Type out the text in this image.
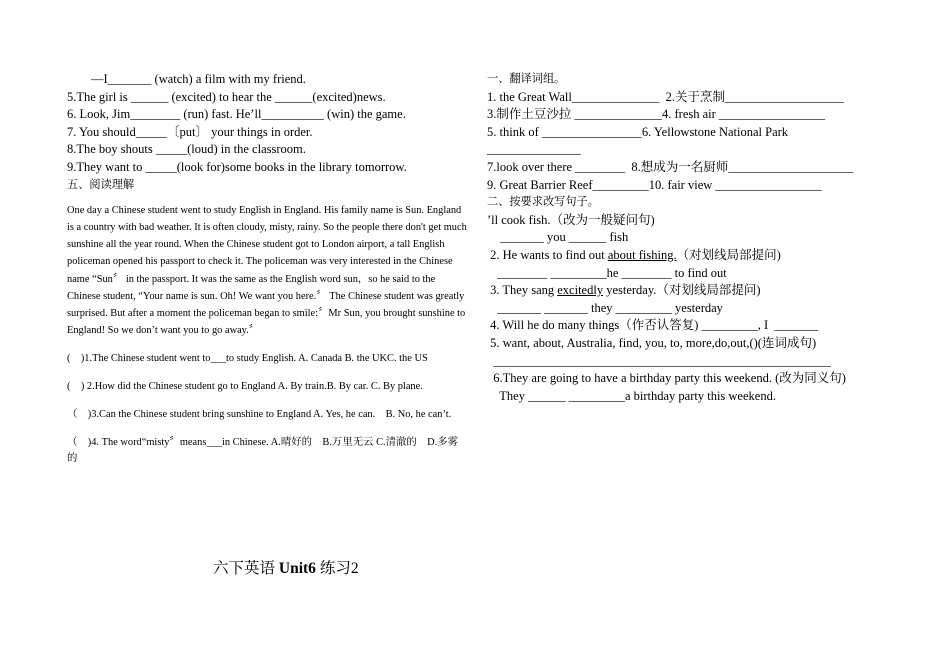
—I_______ (watch) a film with my friend.
5.The girl is ______ (excited) to hear the ______(excited)news.
6. Look, Jim________ (run) fast. He’ll__________ (win) the game.
7. You should_____〔put〕 your things in order.
8.The boy shouts _____(loud) in the classroom.
9.They want to _____(look for)some books in the library tomorrow.
五、阅读理解
One day a Chinese student went to study English in England. His family name is Sun. England is a country with bad weather. It is often cloudy, misty, rainy. So the people there don't get much sunshine all the year round. When the Chinese student got to London airport, a tall English policeman opened his passport to check it. The policeman was very interested in the Chinese name “Sun〞 in the passport. It was the same as the English word sun，so he said to the Chinese student, “Your name is sun. Oh! We want you here.〞 The Chinese student was greatly surprised. But after a moment the policeman began to smile:〞Mr Sun, you brought sunshine to England! So we don’t want you to go away.〞
(　)1.The Chinese student went to___to study English. A. Canada B. the UKC. the US
(　) 2.How did the Chinese student go to England A. By train.B. By car. C. By plane.
（　)3.Can the Chinese student bring sunshine to England A. Yes, he can.　B. No, he can’t.
（　)4. The word“misty〞means___in Chinese. A.晴好的　B.万里无云 C.清澈的　D.多雾的
六下英语 Unit6 练习2
一、翻译词组。
1. the Great Wall______________  2.关于烹制___________________
3.制作土豆沙拉 ______________4. fresh air _________________
5. think of ________________6. Yellowstone National Park
_______________
7.look over there ________  8.想成为一名厨师____________________
9. Great Barrier Reef_________10. fair view _________________
二、按要求改写句子。
’ll cook fish.（改为一般疑问句)
_______ you ______ fish
2. He wants to find out about fishing.（对划线局部提问)
________ _________he ________ to find out
3. They sang excitedly yesterday.（对划线局部提问)
_______ _______ they _________ yesterday
4. Will he do many things（作否认答复) _________, I  _______
5. want, about, Australia, find, you, to, more,do,out,()(连词成句)
______________________________________________________
6.They are going to have a birthday party this weekend. (改为同义句)
They ______ _________a birthday party this weekend.
